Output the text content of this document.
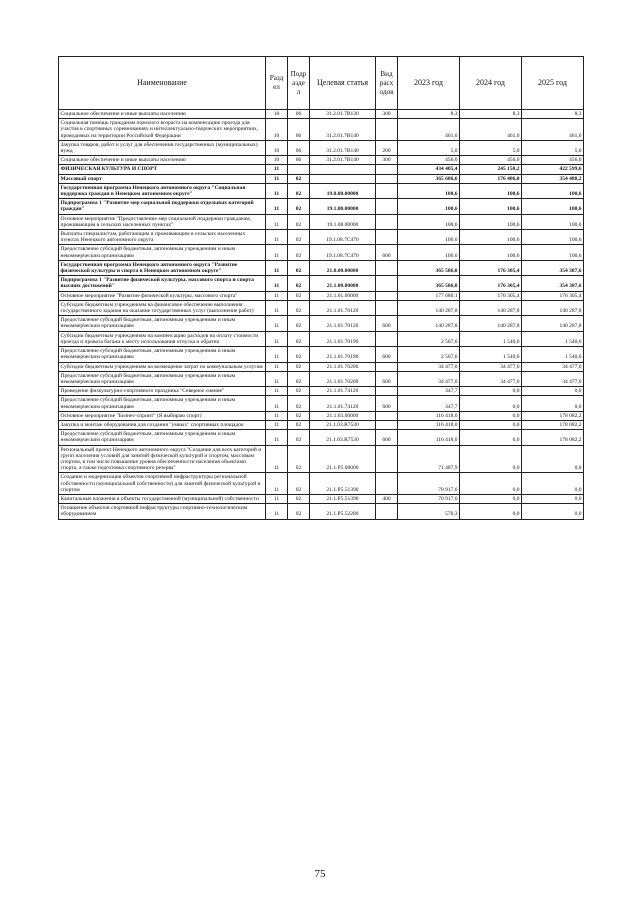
Наименование	Разд ел	Подр азде л	Целевая статья	Вид расх одов	2023 год	2024 год	2025 год
Социальное обеспечение и иные выплаты населению	10	06	31.2.01.7В130	300	8,3	8,3	8,3
Социальная помощь гражданам пожилого возраста на компенсацию проезда для участия в спортивных соревнованиях и интеллектуально-творческих мероприятиях, проводимых на территории Российской Федерации	10	06	31.2.01.7В140		461,0	461,0	461,0
Закупка товаров, работ и услуг для обеспечения государственных (муниципальных) нужд	10	06	31.2.01.7В140	200	5,0	5,0	5,0
Социальное обеспечение и иные выплаты населению	10	06	31.2.01.7В140	300	456,0	456,0	456,0
ФИЗИЧЕСКАЯ КУЛЬТУРА И СПОРТ	11				434 405,4	245 150,2	422 599,6
Массовый спорт	11	02			365 686,6	176 406,0	354 488,2
Государственная программа Ненецкого автономного округа "Социальная поддержка граждан в Ненецком автономном округе"	11	02	19.0.00.00000		100,6	100,6	100,6
Подпрограмма 1 "Развитие мер социальной поддержки отдельных категорий граждан"	11	02	19.1.00.00000		100,6	100,6	100,6
Основное мероприятие "Предоставление мер социальной поддержки гражданам, проживающим в сельских населенных пунктах"	11	02	19.1.08.00000		100,6	100,6	100,6
Выплаты специалистам, работающим и проживающим в сельских населенных пунктах Ненецкого автономного округа	11	02	19.1.08.7С470		100,6	100,6	100,6
Предоставление субсидий бюджетным, автономным учреждениям и иным некоммерческим организациям	11	02	19.1.08.7С470	600	100,6	100,6	100,6
Государственная программа Ненецкого автономного округа "Развитие физической культуры и спорта в Ненецком автономном округе"	11	02	21.0.00.00000		365 586,0	176 305,4	354 387,6
Подпрограмма 1 "Развитие физической культуры, массового спорта и спорта высших достижений"	11	02	21.1.00.00000		365 586,0	176 305,4	354 387,6
Основное мероприятие "Развитие физической культуры, массового спорта"	11	02	21.1.01.00000		177 680,1	176 305,4	176 305,4
Субсидии бюджетным учреждениям на финансовое обеспечение выполнения государственного задания на оказание государственных услуг (выполнение работ)	11	02	21.1.01.70120		140 287,8	140 287,8	140 287,8
Предоставление субсидий бюджетным, автономным учреждениям и иным некоммерческим организациям	11	02	21.1.01.70120	600	140 287,8	140 287,8	140 287,8
Субсидии бюджетным учреждениям на компенсацию расходов на оплату стоимости проезда и провоза багажа к месту использования отпуска и обратно	11	02	21.1.01.70190		2 567,6	1 540,6	1 540,6
Предоставление субсидий бюджетным, автономным учреждениям и иным некоммерческим организациям	11	02	21.1.01.70190	600	2 567,6	1 540,6	1 540,6
Субсидии бюджетным учреждениям на возмещение затрат по коммунальным услугам	11	02	21.1.01.70200		34 477,0	34 477,0	34 477,0
Предоставление субсидий бюджетным, автономным учреждениям и иным некоммерческим организациям	11	02	21.1.01.70200	600	34 477,0	34 477,0	34 477,0
Проведение физкультурно-спортивного праздника "Северное сияние"	11	02	21.1.01.74120		347,7	0,0	0,0
Предоставление субсидий бюджетным, автономным учреждениям и иным некоммерческим организациям	11	02	21.1.01.74120	600	347,7	0,0	0,0
Основное мероприятие "Бизнес-спринт" (Я выбираю спорт)	11	02	21.1.03.00000		116 418,0	0,0	178 082,2
Закупка и монтаж оборудования для создания "умных" спортивных площадок	11	02	21.1.03.R7530		116 418,0	0,0	178 082,2
Предоставление субсидий бюджетным, автономным учреждениям и иным некоммерческим организациям	11	02	21.1.03.R7530	600	116 418,0	0,0	178 082,2
Региональный проект Ненецкого автономного округа "Создание для всех категорий и групп населения условий для занятий физической культурой и спортом, массовым спортом, в том числе повышение уровня обеспеченности населения объектами спорта, а также подготовка спортивного резерва"	11	02	21.1.P5.00000		71 487,9	0,0	0,0
Создание и модернизация объектов спортивной инфраструктуры региональной собственности (муниципальной собственности) для занятий физической культурой и спортом	11	02	21.1.P5.51390		70 917,6	0,0	0,0
Капитальные вложения в объекты государственной (муниципальной) собственности	11	02	21.1.P5.51390	400	70 917,6	0,0	0,0
Оснащение объектов спортивной инфраструктуры спортивно-технологическим оборудованием	11	02	21.1.P5.52280		570,3	0,0	0,0
75
